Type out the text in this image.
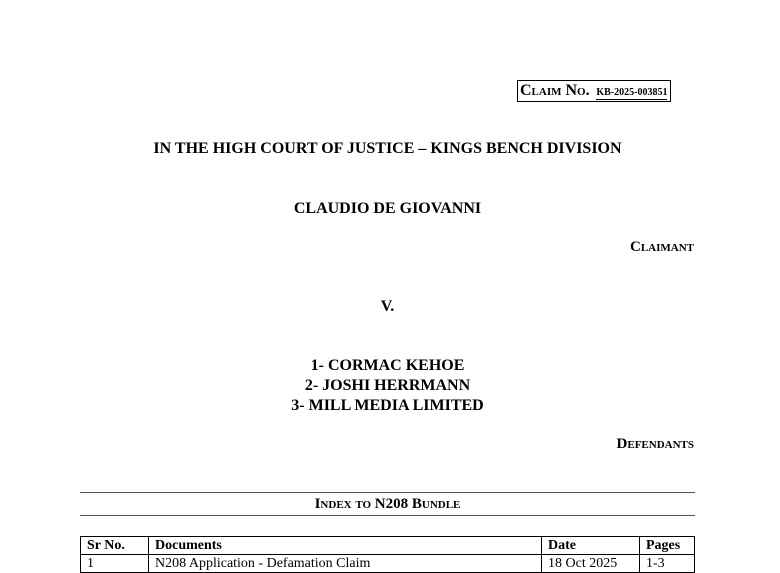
Claim No. KB-2025-003851
IN THE HIGH COURT OF JUSTICE – KINGS BENCH DIVISION
CLAUDIO DE GIOVANNI
Claimant
V.
1- CORMAC KEHOE
2- JOSHI HERRMANN
3- MILL MEDIA LIMITED
Defendants
Index to N208 Bundle
Sr No.	Documents	Date	Pages
1	N208 Application - Defamation Claim	18 Oct 2025	1-3
